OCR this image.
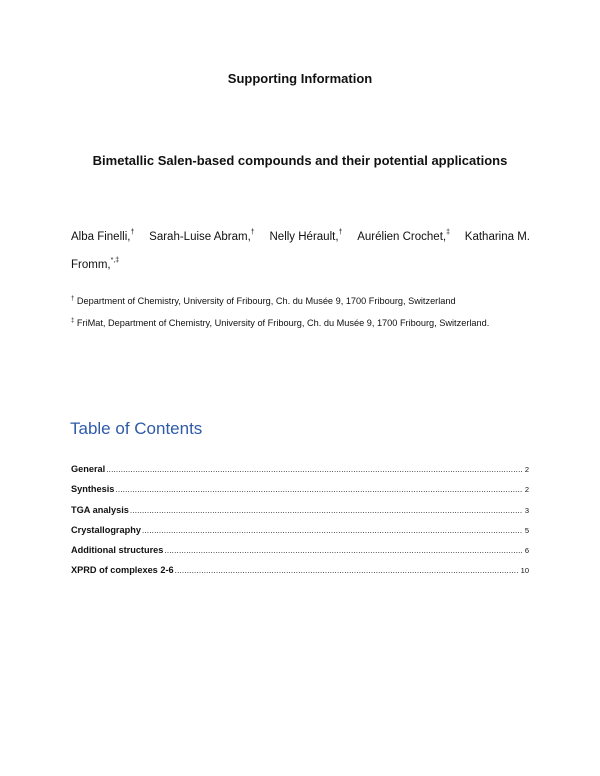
Supporting Information
Bimetallic Salen-based compounds and their potential applications
Alba Finelli,† Sarah-Luise Abram,† Nelly Hérault,† Aurélien Crochet,‡ Katharina M.
Fromm,*,‡
† Department of Chemistry, University of Fribourg, Ch. du Musée 9, 1700 Fribourg, Switzerland
‡ FriMat, Department of Chemistry, University of Fribourg, Ch. du Musée 9, 1700 Fribourg, Switzerland.
Table of Contents
General .....	2
Synthesis .....	2
TGA analysis .....	3
Crystallography .....	5
Additional structures .....	6
XPRD of complexes 2-6 .....	10
